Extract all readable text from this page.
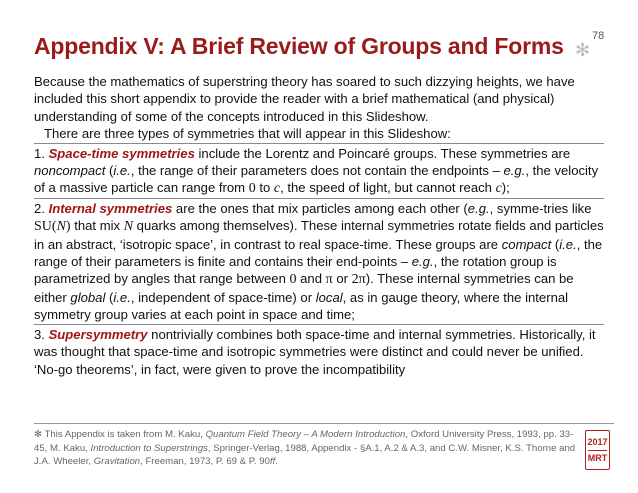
Appendix V: A Brief Review of Groups and Forms ✻
78

Because the mathematics of superstring theory has soared to such dizzying heights, we have included this short appendix to provide the reader with a brief mathematical (and physical) understanding of some of the concepts introduced in this Slideshow.

There are three types of symmetries that will appear in this Slideshow:

1. Space-time symmetries include the Lorentz and Poincaré groups. These symmetries are noncompact (i.e., the range of their parameters does not contain the endpoints – e.g., the velocity of a massive particle can range from 0 to c, the speed of light, but cannot reach c);

2. Internal symmetries are the ones that mix particles among each other (e.g., symme-tries like SU(N) that mix N quarks among themselves). These internal symmetries rotate fields and particles in an abstract, ‘isotropic space’, in contrast to real space-time. These groups are compact (i.e., the range of their parameters is finite and contains their end-points – e.g., the rotation group is parametrized by angles that range between 0 and π or 2π). These internal symmetries can be either global (i.e., independent of space-time) or local, as in gauge theory, where the internal symmetry group varies at each point in space and time;

3. Supersymmetry nontrivially combines both space-time and internal symmetries. Historically, it was thought that space-time and isotropic symmetries were distinct and could never be unified. ‘No-go theorems’, in fact, were given to prove the incompatibility

✻ This Appendix is taken from M. Kaku, Quantum Field Theory – A Modern Introduction, Oxford University Press, 1993, pp. 33-45, M. Kaku, Introduction to Superstrings, Springer-Verlag, 1988, Appendix - §A.1, A.2 & A.3, and C.W. Misner, K.S. Thorne and J.A. Wheeler, Gravitation, Freeman, 1973, P. 69 & P. 90ff.
2017
MRT
